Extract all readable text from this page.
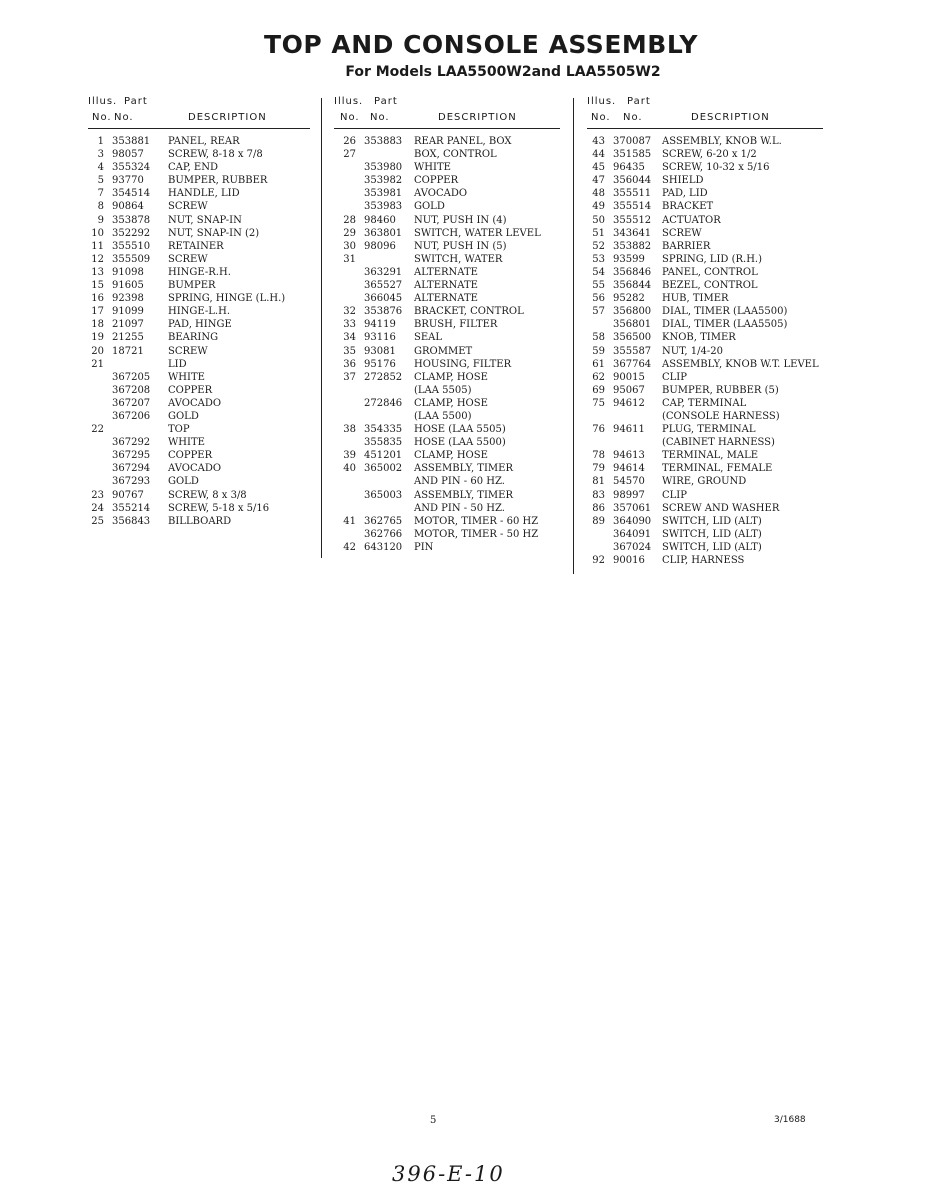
TOP AND CONSOLE ASSEMBLY
For Models LAA5500W2and LAA5505W2
Illus. Part
No. No.	DESCRIPTION
1 353881 PANEL, REAR
3 98057 SCREW, 8-18 x 7/8
4 355324 CAP, END
5 93770 BUMPER, RUBBER
7 354514 HANDLE, LID
8 90864 SCREW
9 353878 NUT, SNAP-IN
10 352292 NUT, SNAP-IN (2)
11 355510 RETAINER
12 355509 SCREW
13 91098 HINGE-R.H.
15 91605 BUMPER
16 92398 SPRING, HINGE (L.H.)
17 91099 HINGE-L.H.
18 21097 PAD, HINGE
19 21255 BEARING
20 18721 SCREW
21	LID
367205 WHITE
367208 COPPER
367207 AVOCADO
367206 GOLD
22	TOP
367292 WHITE
367295 COPPER
367294 AVOCADO
367293 GOLD
23 90767 SCREW, 8 x 3/8
24 355214 SCREW, 5-18 x 5/16
25 356843 BILLBOARD
Illus. Part
No. No.	DESCRIPTION
26 353883 REAR PANEL, BOX
27	BOX, CONTROL
353980 WHITE
353982 COPPER
353981 AVOCADO
353983 GOLD
28 98460 NUT, PUSH IN (4)
29 363801 SWITCH, WATER LEVEL
30 98096 NUT, PUSH IN (5)
31	SWITCH, WATER
363291 ALTERNATE
365527 ALTERNATE
366045 ALTERNATE
32 353876 BRACKET, CONTROL
33 94119 BRUSH, FILTER
34 93116 SEAL
35 93081 GROMMET
36 95176 HOUSING, FILTER
37 272852 CLAMP, HOSE
(LAA 5505)
272846 CLAMP, HOSE
(LAA 5500)
38 354335 HOSE (LAA 5505)
355835 HOSE (LAA 5500)
39 451201 CLAMP, HOSE
40 365002 ASSEMBLY, TIMER
AND PIN - 60 HZ.
365003 ASSEMBLY, TIMER
AND PIN - 50 HZ.
41 362765 MOTOR, TIMER - 60 HZ
362766 MOTOR, TIMER - 50 HZ
42 643120 PIN
Illus. Part
No. No.	DESCRIPTION
43 370087 ASSEMBLY, KNOB W.L.
44 351585 SCREW, 6-20 x 1/2
45 96435 SCREW, 10-32 x 5/16
47 356044 SHIELD
48 355511 PAD, LID
49 355514 BRACKET
50 355512 ACTUATOR
51 343641 SCREW
52 353882 BARRIER
53 93599 SPRING, LID (R.H.)
54 356846 PANEL, CONTROL
55 356844 BEZEL, CONTROL
56 95282 HUB, TIMER
57 356800 DIAL, TIMER (LAA5500)
356801 DIAL, TIMER (LAA5505)
58 356500 KNOB, TIMER
59 355587 NUT, 1/4-20
61 367764 ASSEMBLY, KNOB W.T. LEVEL
62 90015 CLIP
69 95067 BUMPER, RUBBER (5)
75 94612 CAP, TERMINAL
(CONSOLE HARNESS)
76 94611 PLUG, TERMINAL
(CABINET HARNESS)
78 94613 TERMINAL, MALE
79 94614 TERMINAL, FEMALE
81 54570 WIRE, GROUND
83 98997 CLIP
86 357061 SCREW AND WASHER
89 364090 SWITCH, LID (ALT)
364091 SWITCH, LID (ALT)
367024 SWITCH, LID (ALT)
92 90016 CLIP, HARNESS
5	3/1688
396-E-10
